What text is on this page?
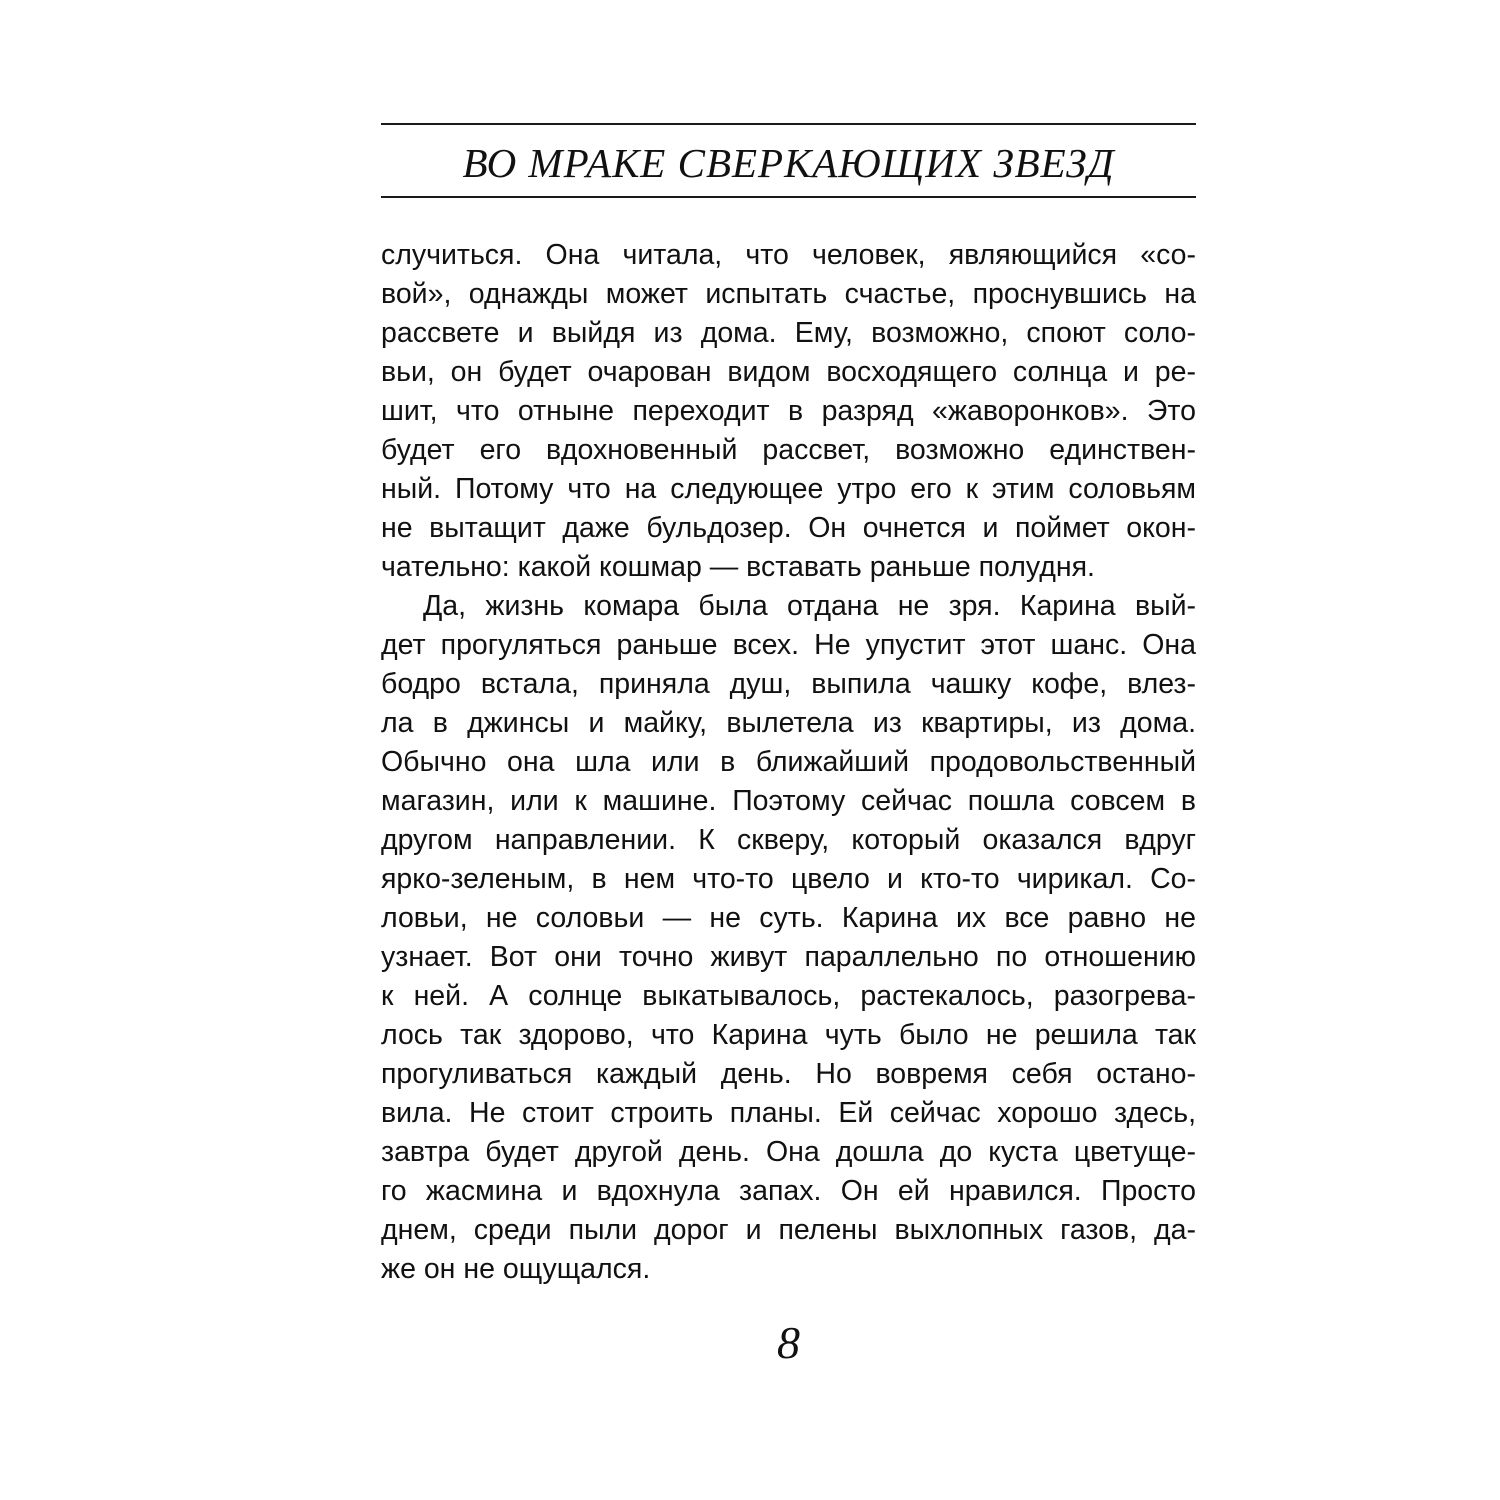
ВО МРАКЕ СВЕРКАЮЩИХ ЗВЕЗД
случиться. Она читала, что человек, являющийся «со-
вой», однажды может испытать счастье, проснувшись на
рассвете и выйдя из дома. Ему, возможно, споют соло-
вьи, он будет очарован видом восходящего солнца и ре-
шит, что отныне переходит в разряд «жаворонков». Это
будет его вдохновенный рассвет, возможно единствен-
ный. Потому что на следующее утро его к этим соловьям
не вытащит даже бульдозер. Он очнется и поймет окон-
чательно: какой кошмар — вставать раньше полудня.
Да, жизнь комара была отдана не зря. Карина вый-
дет прогуляться раньше всех. Не упустит этот шанс. Она
бодро встала, приняла душ, выпила чашку кофе, влез-
ла в джинсы и майку, вылетела из квартиры, из дома.
Обычно она шла или в ближайший продовольственный
магазин, или к машине. Поэтому сейчас пошла совсем в
другом направлении. К скверу, который оказался вдруг
ярко-зеленым, в нем что-то цвело и кто-то чирикал. Со-
ловьи, не соловьи — не суть. Карина их все равно не
узнает. Вот они точно живут параллельно по отношению
к ней. А солнце выкатывалось, растекалось, разогрева-
лось так здорово, что Карина чуть было не решила так
прогуливаться каждый день. Но вовремя себя остано-
вила. Не стоит строить планы. Ей сейчас хорошо здесь,
завтра будет другой день. Она дошла до куста цветуще-
го жасмина и вдохнула запах. Он ей нравился. Просто
днем, среди пыли дорог и пелены выхлопных газов, да-
же он не ощущался.
8
